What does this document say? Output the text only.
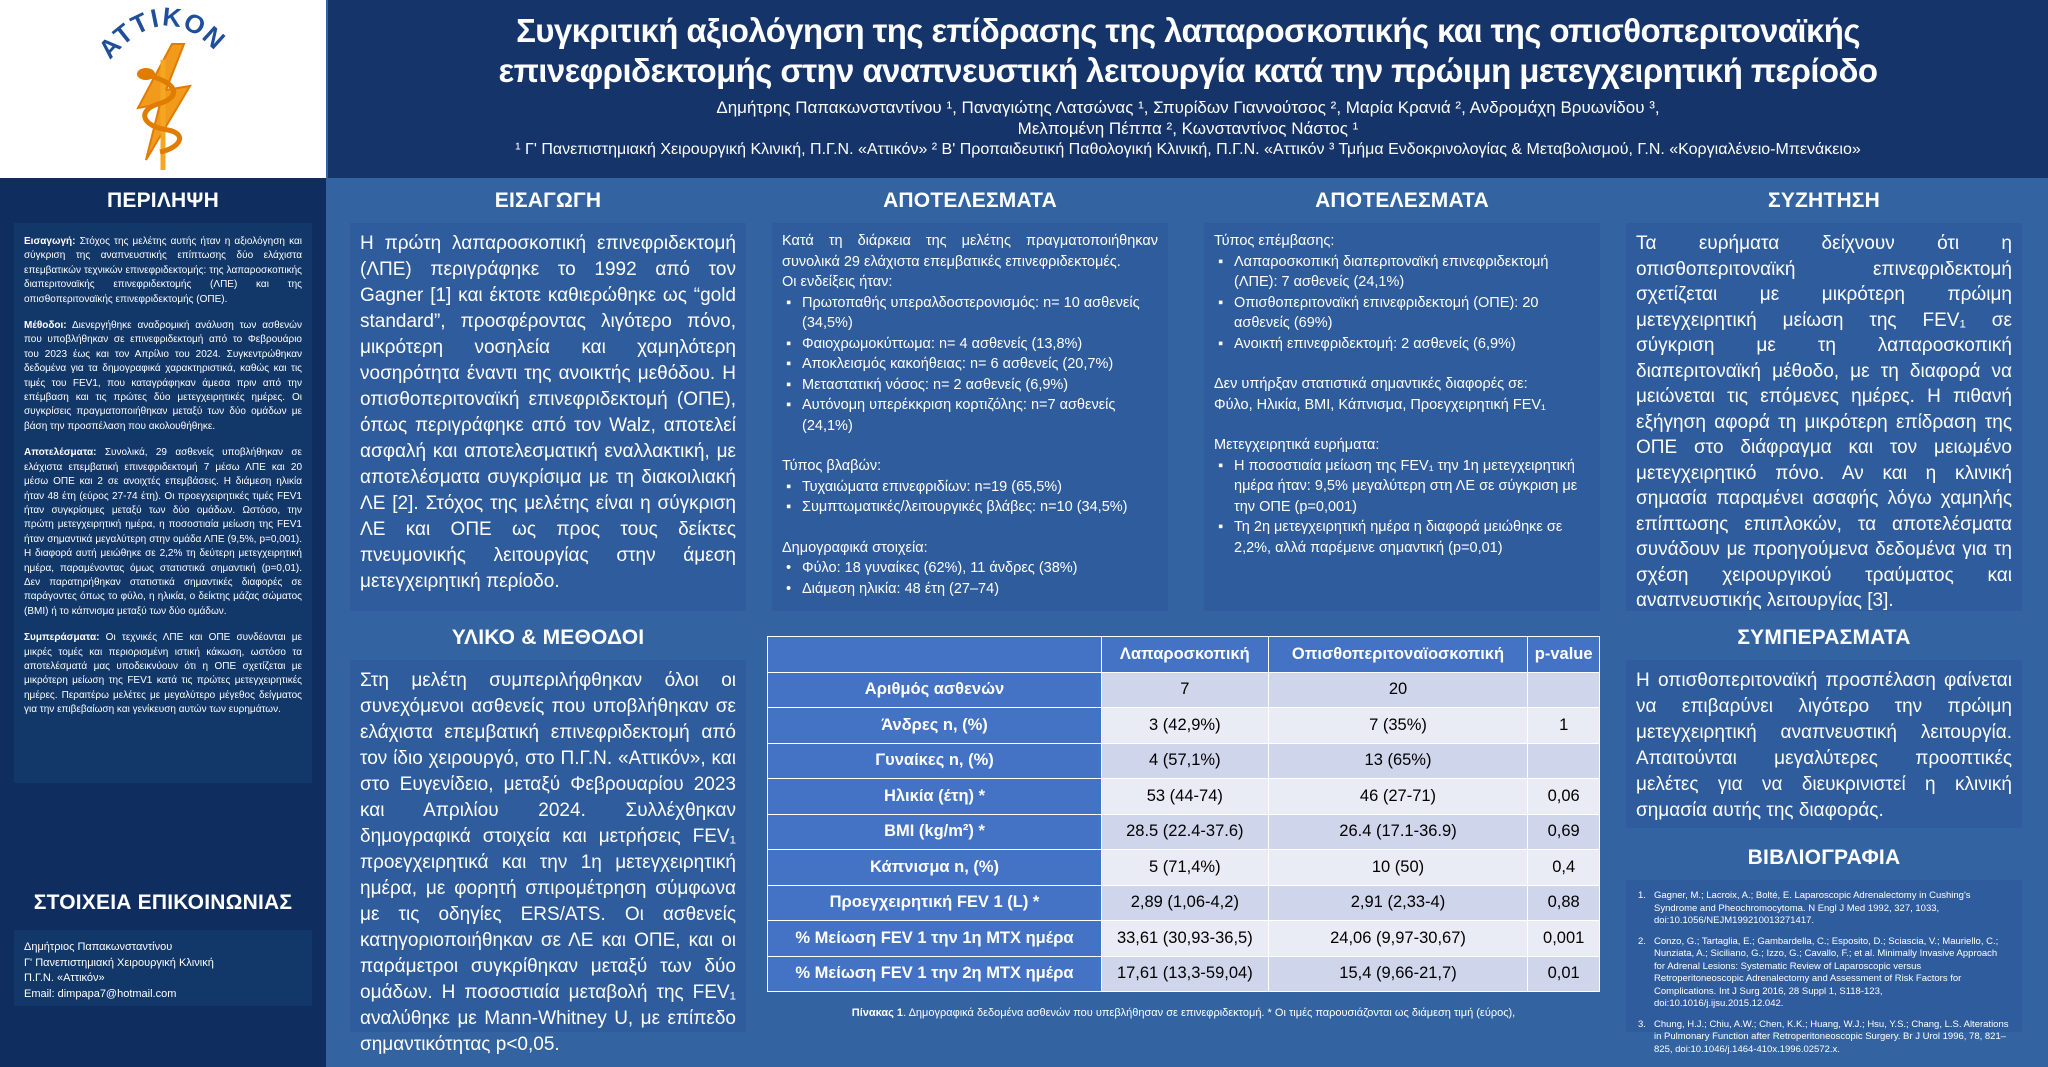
ΑΤΤΙΚΟΝ	Συγκριτική αξιολόγηση της επίδρασης της λαπαροσκοπικής και της οπισθοπεριτοναϊκής
επινεφριδεκτομής στην αναπνευστική λειτουργία κατά την πρώιμη μετεγχειρητική περίοδο
Δημήτρης Παπακωνσταντίνου ¹, Παναγιώτης Λατσώνας ¹, Σπυρίδων Γιαννούτσος ², Μαρία Κρανιά ², Ανδρομάχη Βρυωνίδου ³,
Μελπομένη Πέππα ², Κωνσταντίνος Νάστος ¹
¹ Γ' Πανεπιστημιακή Χειρουργική Κλινική, Π.Γ.Ν. «Αττικόν» ² Β' Προπαιδευτική Παθολογική Κλινική, Π.Γ.Ν. «Αττικόν ³ Τμήμα Ενδοκρινολογίας & Μεταβολισμού, Γ.Ν. «Κοργιαλένειο-Μπενάκειο»
ΠΕΡΙΛΗΨΗ

Εισαγωγή: Στόχος της μελέτης αυτής ήταν η αξιολόγηση και σύγκριση της αναπνευστικής επίπτωσης δύο ελάχιστα επεμβατικών τεχνικών επινεφριδεκτομής: της λαπαροσκοπικής διαπεριτοναϊκής επινεφριδεκτομής (ΛΠΕ) και της οπισθοπεριτοναϊκής επινεφριδεκτομής (ΟΠΕ).

Μέθοδοι: Διενεργήθηκε αναδρομική ανάλυση των ασθενών που υποβλήθηκαν σε επινεφριδεκτομή από το Φεβρουάριο του 2023 έως και τον Απρίλιο του 2024. Συγκεντρώθηκαν δεδομένα για τα δημογραφικά χαρακτηριστικά, καθώς και τις τιμές του FEV1, που καταγράφηκαν άμεσα πριν από την επέμβαση και τις πρώτες δύο μετεγχειρητικές ημέρες. Οι συγκρίσεις πραγματοποιήθηκαν μεταξύ των δύο ομάδων με βάση την προσπέλαση που ακολουθήθηκε.

Αποτελέσματα: Συνολικά, 29 ασθενείς υποβλήθηκαν σε ελάχιστα επεμβατική επινεφριδεκτομή 7 μέσω ΛΠΕ και 20 μέσω ΟΠΕ και 2 σε ανοιχτές επεμβάσεις. Η διάμεση ηλικία ήταν 48 έτη (εύρος 27-74 έτη). Οι προεγχειρητικές τιμές FEV1 ήταν συγκρίσιμες μεταξύ των δύο ομάδων. Ωστόσο, την πρώτη μετεγχειρητική ημέρα, η ποσοστιαία μείωση της FEV1 ήταν σημαντικά μεγαλύτερη στην ομάδα ΛΠΕ (9,5%, p=0,001). Η διαφορά αυτή μειώθηκε σε 2,2% τη δεύτερη μετεγχειρητική ημέρα, παραμένοντας όμως στατιστικά σημαντική (p=0,01). Δεν παρατηρήθηκαν στατιστικά σημαντικές διαφορές σε παράγοντες όπως το φύλο, η ηλικία, ο δείκτης μάζας σώματος (BMI) ή το κάπνισμα μεταξύ των δύο ομάδων.

Συμπεράσματα: Οι τεχνικές ΛΠΕ και ΟΠΕ συνδέονται με μικρές τομές και περιορισμένη ιστική κάκωση, ωστόσο τα αποτελέσματά μας υποδεικνύουν ότι η ΟΠΕ σχετίζεται με μικρότερη μείωση της FEV1 κατά τις πρώτες μετεγχειρητικές ημέρες. Περαιτέρω μελέτες με μεγαλύτερο μέγεθος δείγματος για την επιβεβαίωση και γενίκευση αυτών των ευρημάτων.

ΣΤΟΙΧΕΙΑ ΕΠΙΚΟΙΝΩΝΙΑΣ
Δημήτριος Παπακωνσταντίνου
Γ' Πανεπιστημιακή Χειρουργική Κλινική
Π.Γ.Ν. «Αττικόν»
Email: dimpapa7@hotmail.com
ΕΙΣΑΓΩΓΗ
Η πρώτη λαπαροσκοπική επινεφριδεκτομή (ΛΠΕ) περιγράφηκε το 1992 από τον Gagner [1] και έκτοτε καθιερώθηκε ως “gold standard”, προσφέροντας λιγότερο πόνο, μικρότερη νοσηλεία και χαμηλότερη νοσηρότητα έναντι της ανοικτής μεθόδου. Η οπισθοπεριτοναϊκή επινεφριδεκτομή (ΟΠΕ), όπως περιγράφηκε από τον Walz, αποτελεί ασφαλή και αποτελεσματική εναλλακτική, με αποτελέσματα συγκρίσιμα με τη διακοιλιακή ΛΕ [2]. Στόχος της μελέτης είναι η σύγκριση ΛΕ και ΟΠΕ ως προς τους δείκτες πνευμονικής λειτουργίας στην άμεση μετεγχειρητική περίοδο.
ΥΛΙΚΟ & ΜΕΘΟΔΟΙ
Στη μελέτη συμπεριλήφθηκαν όλοι οι συνεχόμενοι ασθενείς που υποβλήθηκαν σε ελάχιστα επεμβατική επινεφριδεκτομή από τον ίδιο χειρουργό, στο Π.Γ.Ν. «Αττικόν», και στο Ευγενίδειο, μεταξύ Φεβρουαρίου 2023 και Απριλίου 2024. Συλλέχθηκαν δημογραφικά στοιχεία και μετρήσεις FEV₁ προεγχειρητικά και την 1η μετεγχειρητική ημέρα, με φορητή σπιρομέτρηση σύμφωνα με τις οδηγίες ERS/ATS. Οι ασθενείς κατηγοριοποιήθηκαν σε ΛΕ και ΟΠΕ, και οι παράμετροι συγκρίθηκαν μεταξύ των δύο ομάδων. Η ποσοστιαία μεταβολή της FEV₁ αναλύθηκε με Mann-Whitney U, με επίπεδο σημαντικότητας p<0,05.
ΑΠΟΤΕΛΕΣΜΑΤΑ
Κατά τη διάρκεια της μελέτης πραγματοποιήθηκαν συνολικά 29 ελάχιστα επεμβατικές επινεφριδεκτομές.
Οι ενδείξεις ήταν:
▪ Πρωτοπαθής υπεραλδοστερονισμός: n= 10 ασθενείς (34,5%)
▪ Φαιοχρωμοκύττωμα: n= 4 ασθενείς (13,8%)
▪ Αποκλεισμός κακοήθειας: n= 6 ασθενείς (20,7%)
▪ Μεταστατική νόσος: n= 2 ασθενείς (6,9%)
▪ Αυτόνομη υπερέκκριση κορτιζόλης: n=7 ασθενείς (24,1%)
Τύπος βλαβών:
▪ Τυχαιώματα επινεφριδίων: n=19 (65,5%)
▪ Συμπτωματικές/λειτουργικές βλάβες: n=10 (34,5%)
Δημογραφικά στοιχεία:
• Φύλο: 18 γυναίκες (62%), 11 άνδρες (38%)
• Διάμεση ηλικία: 48 έτη (27–74)
ΑΠΟΤΕΛΕΣΜΑΤΑ
Τύπος επέμβασης:
▪ Λαπαροσκοπική διαπεριτοναϊκή επινεφριδεκτομή (ΛΠΕ): 7 ασθενείς (24,1%)
▪ Οπισθοπεριτοναϊκή επινεφριδεκτομή (ΟΠΕ): 20 ασθενείς (69%)
▪ Ανοικτή επινεφριδεκτομή: 2 ασθενείς (6,9%)
Δεν υπήρξαν στατιστικά σημαντικές διαφορές σε:
Φύλο, Ηλικία, BMI, Κάπνισμα, Προεγχειρητική FEV₁
Μετεγχειρητικά ευρήματα:
▪ Η ποσοστιαία μείωση της FEV₁ την 1η μετεγχειρητική ημέρα ήταν: 9,5% μεγαλύτερη στη ΛΕ σε σύγκριση με την ΟΠΕ (p=0,001)
▪ Τη 2η μετεγχειρητική ημέρα η διαφορά μειώθηκε σε 2,2%, αλλά παρέμεινε σημαντική (p=0,01)
	Λαπαροσκοπική	Οπισθοπεριτοναϊοσκοπική	p-value
Αριθμός ασθενών	7	20	
Άνδρες n, (%)	3 (42,9%)	7 (35%)	1
Γυναίκες n, (%)	4 (57,1%)	13 (65%)	
Ηλικία (έτη) *	53 (44-74)	46 (27-71)	0,06
BMI (kg/m²) *	28.5 (22.4-37.6)	26.4 (17.1-36.9)	0,69
Κάπνισμα n, (%)	5 (71,4%)	10 (50)	0,4
Προεγχειρητική FEV 1 (L) *	2,89 (1,06-4,2)	2,91 (2,33-4)	0,88
% Μείωση FEV 1 την 1η ΜΤΧ ημέρα	33,61 (30,93-36,5)	24,06 (9,97-30,67)	0,001
% Μείωση FEV 1 την 2η ΜΤΧ ημέρα	17,61 (13,3-59,04)	15,4 (9,66-21,7)	0,01
Πίνακας 1. Δημογραφικά δεδομένα ασθενών που υπεβλήθησαν σε επινεφριδεκτομή. * Οι τιμές παρουσιάζονται ως διάμεση τιμή (εύρος),
ΣΥΖΗΤΗΣΗ
Τα ευρήματα δείχνουν ότι η οπισθοπεριτοναϊκή επινεφριδεκτομή σχετίζεται με μικρότερη πρώιμη μετεγχειρητική μείωση της FEV₁ σε σύγκριση με τη λαπαροσκοπική διαπεριτοναϊκή μέθοδο, με τη διαφορά να μειώνεται τις επόμενες ημέρες. Η πιθανή εξήγηση αφορά τη μικρότερη επίδραση της ΟΠΕ στο διάφραγμα και τον μειωμένο μετεγχειρητικό πόνο. Αν και η κλινική σημασία παραμένει ασαφής λόγω χαμηλής επίπτωσης επιπλοκών, τα αποτελέσματα συνάδουν με προηγούμενα δεδομένα για τη σχέση χειρουργικού τραύματος και αναπνευστικής λειτουργίας [3].
ΣΥΜΠΕΡΑΣΜΑΤΑ
Η οπισθοπεριτοναϊκή προσπέλαση φαίνεται να επιβαρύνει λιγότερο την πρώιμη μετεγχειρητική αναπνευστική λειτουργία. Απαιτούνται μεγαλύτερες προοπτικές μελέτες για να διευκρινιστεί η κλινική σημασία αυτής της διαφοράς.
ΒΙΒΛΙΟΓΡΑΦΙΑ
1. Gagner, M.; Lacroix, A.; Bolté, E. Laparoscopic Adrenalectomy in Cushing's Syndrome and Pheochromocytoma. N Engl J Med 1992, 327, 1033, doi:10.1056/NEJM199210013271417.
2. Conzo, G.; Tartaglia, E.; Gambardella, C.; Esposito, D.; Sciascia, V.; Mauriello, C.; Nunziata, A.; Siciliano, G.; Izzo, G.; Cavallo, F.; et al. Minimally Invasive Approach for Adrenal Lesions: Systematic Review of Laparoscopic versus Retroperitoneoscopic Adrenalectomy and Assessment of Risk Factors for Complications. Int J Surg 2016, 28 Suppl 1, S118-123, doi:10.1016/j.ijsu.2015.12.042.
3. Chung, H.J.; Chiu, A.W.; Chen, K.K.; Huang, W.J.; Hsu, Y.S.; Chang, L.S. Alterations in Pulmonary Function after Retroperitoneoscopic Surgery. Br J Urol 1996, 78, 821–825, doi:10.1046/j.1464-410x.1996.02572.x.
